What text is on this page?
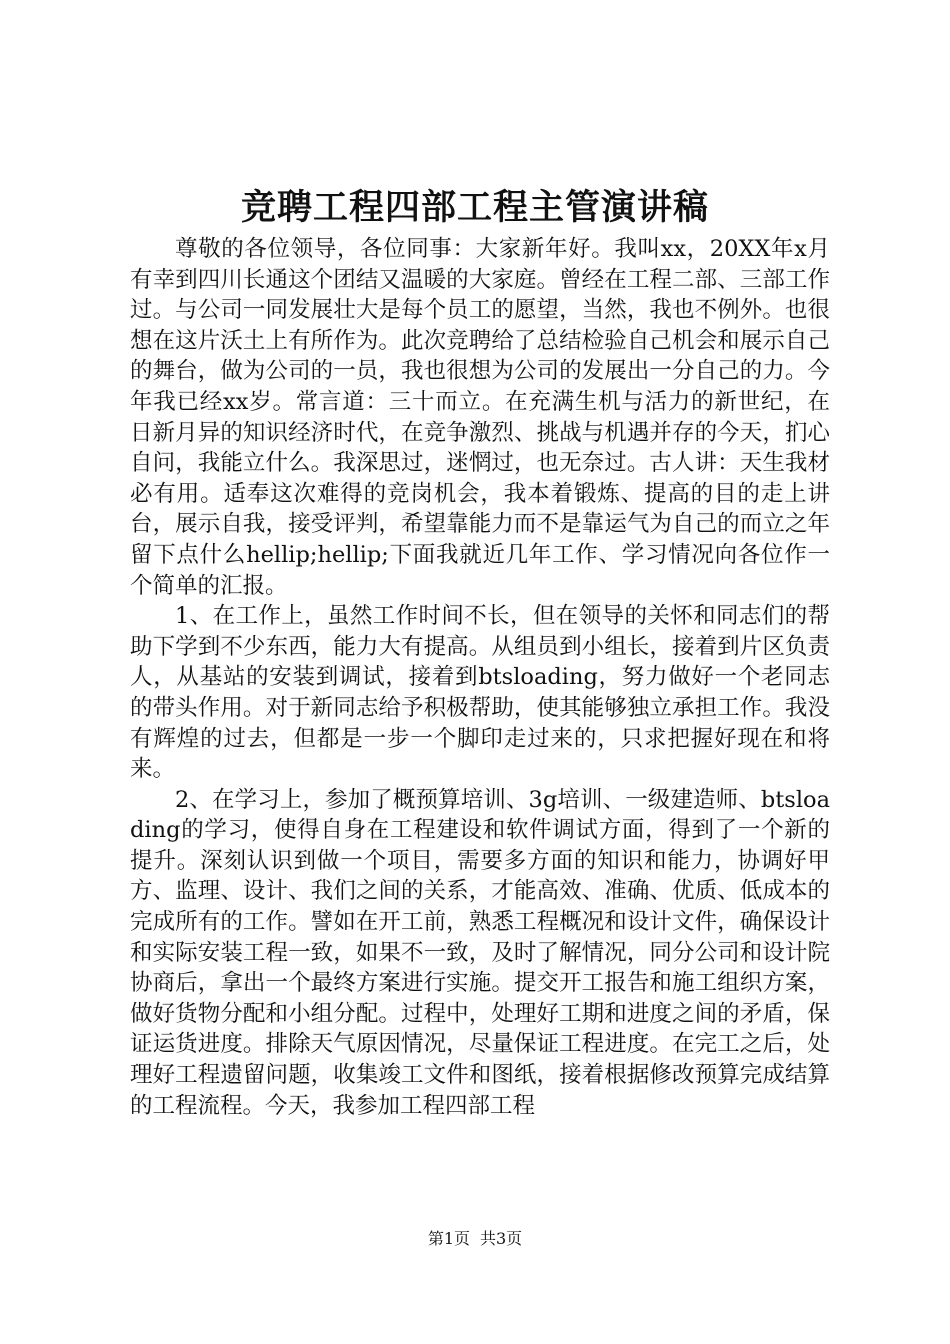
竞聘工程四部工程主管演讲稿

尊敬的各位领导，各位同事：大家新年好。我叫xx，20XX年x月有幸到四川长通这个团结又温暖的大家庭。曾经在工程二部、三部工作过。与公司一同发展壮大是每个员工的愿望，当然，我也不例外。也很想在这片沃土上有所作为。此次竞聘给了总结检验自己机会和展示自己的舞台，做为公司的一员，我也很想为公司的发展出一分自己的力。今年我已经xx岁。常言道：三十而立。在充满生机与活力的新世纪，在日新月异的知识经济时代，在竞争激烈、挑战与机遇并存的今天，扪心自问，我能立什么。我深思过，迷惘过，也无奈过。古人讲：天生我材必有用。适奉这次难得的竞岗机会，我本着锻炼、提高的目的走上讲台，展示自我，接受评判，希望靠能力而不是靠运气为自己的而立之年留下点什么hellip;hellip;下面我就近几年工作、学习情况向各位作一个简单的汇报。

1、在工作上，虽然工作时间不长，但在领导的关怀和同志们的帮助下学到不少东西，能力大有提高。从组员到小组长，接着到片区负责人，从基站的安装到调试，接着到btsloading，努力做好一个老同志的带头作用。对于新同志给予积极帮助，使其能够独立承担工作。我没有辉煌的过去，但都是一步一个脚印走过来的，只求把握好现在和将来。

2、在学习上，参加了概预算培训、3g培训、一级建造师、btsloading的学习，使得自身在工程建设和软件调试方面，得到了一个新的提升。深刻认识到做一个项目，需要多方面的知识和能力，协调好甲方、监理、设计、我们之间的关系，才能高效、准确、优质、低成本的完成所有的工作。譬如在开工前，熟悉工程概况和设计文件，确保设计和实际安装工程一致，如果不一致，及时了解情况，同分公司和设计院协商后，拿出一个最终方案进行实施。提交开工报告和施工组织方案，做好货物分配和小组分配。过程中，处理好工期和进度之间的矛盾，保证运货进度。排除天气原因情况，尽量保证工程进度。在完工之后，处理好工程遗留问题，收集竣工文件和图纸，接着根据修改预算完成结算的工程流程。今天，我参加工程四部工程

第1页 共3页
